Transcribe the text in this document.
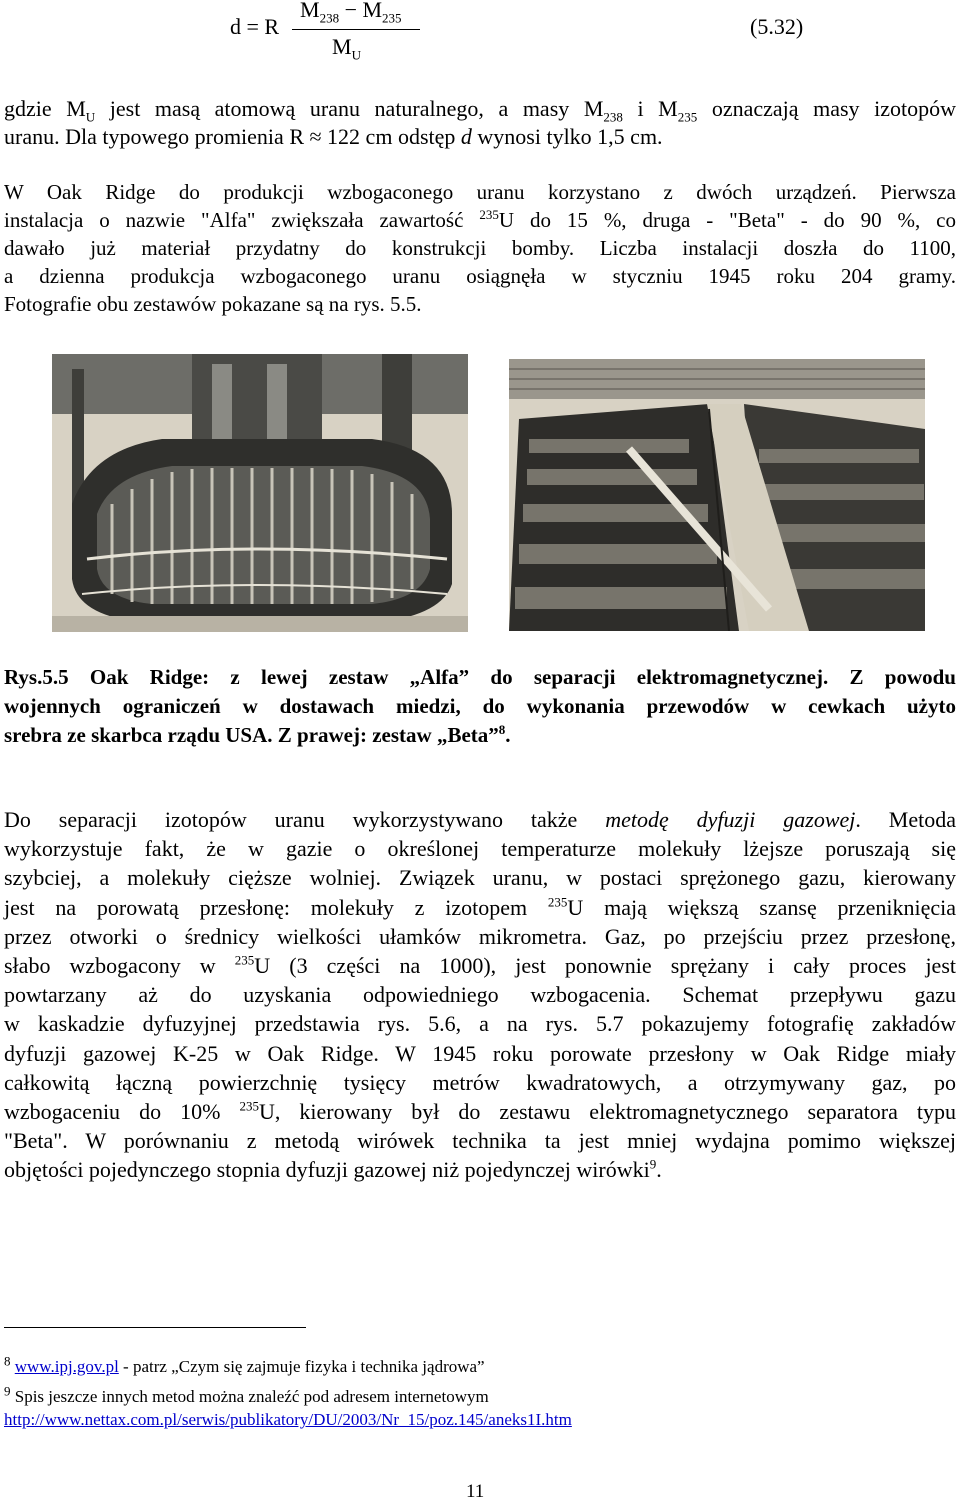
d = R
$M_{238} - M_{235}$
$M_U$
(5.32)
gdzie $M_U$ jest masą atomową uranu naturalnego, a masy $M_{238}$ i $M_{235}$ oznaczają masy izotopów
uranu. Dla typowego promienia R ≈ 122 cm odstęp d wynosi tylko 1,5 cm.
W Oak Ridge do produkcji wzbogaconego uranu korzystano z dwóch urządzeń. Pierwsza
instalacja o nazwie "Alfa" zwiększała zawartość $^{235}$U do 15 %, druga - "Beta" - do 90 %, co
dawało już materiał przydatny do konstrukcji bomby. Liczba instalacji doszła do 1100,
a dzienna produkcja wzbogaconego uranu osiągnęła w styczniu 1945 roku 204 gramy.
Fotografie obu zestawów pokazane są na rys. 5.5.
Rys.5.5 Oak Ridge: z lewej zestaw „Alfa” do separacji elektromagnetycznej. Z powodu
wojennych ograniczeń w dostawach miedzi, do wykonania przewodów w cewkach użyto
srebra ze skarbca rządu USA. Z prawej: zestaw „Beta”$^8$.
Do separacji izotopów uranu wykorzystywano także metodę dyfuzji gazowej. Metoda
wykorzystuje fakt, że w gazie o określonej temperaturze molekuły lżejsze poruszają się
szybciej, a molekuły cięższe wolniej. Związek uranu, w postaci sprężonego gazu, kierowany
jest na porowatą przesłonę: molekuły z izotopem $^{235}$U mają większą szansę przeniknięcia
przez otworki o średnicy wielkości ułamków mikrometra. Gaz, po przejściu przez przesłonę,
słabo wzbogacony w $^{235}$U (3 części na 1000), jest ponownie sprężany i cały proces jest
powtarzany aż do uzyskania odpowiedniego wzbogacenia. Schemat przepływu gazu
w kaskadzie dyfuzyjnej przedstawia rys. 5.6, a na rys. 5.7 pokazujemy fotografię zakładów
dyfuzji gazowej K-25 w Oak Ridge. W 1945 roku porowate przesłony w Oak Ridge miały
całkowitą łączną powierzchnię tysięcy metrów kwadratowych, a otrzymywany gaz, po
wzbogaceniu do 10% $^{235}$U, kierowany był do zestawu elektromagnetycznego separatora typu
"Beta". W porównaniu z metodą wirówek technika ta jest mniej wydajna pomimo większej
objętości pojedynczego stopnia dyfuzji gazowej niż pojedynczej wirówki$^9$.
$^8$ www.ipj.gov.pl - patrz „Czym się zajmuje fizyka i technika jądrowa”
$^9$ Spis jeszcze innych metod można znaleźć pod adresem internetowym
http://www.nettax.com.pl/serwis/publikatory/DU/2003/Nr_15/poz.145/aneks1I.htm
11
